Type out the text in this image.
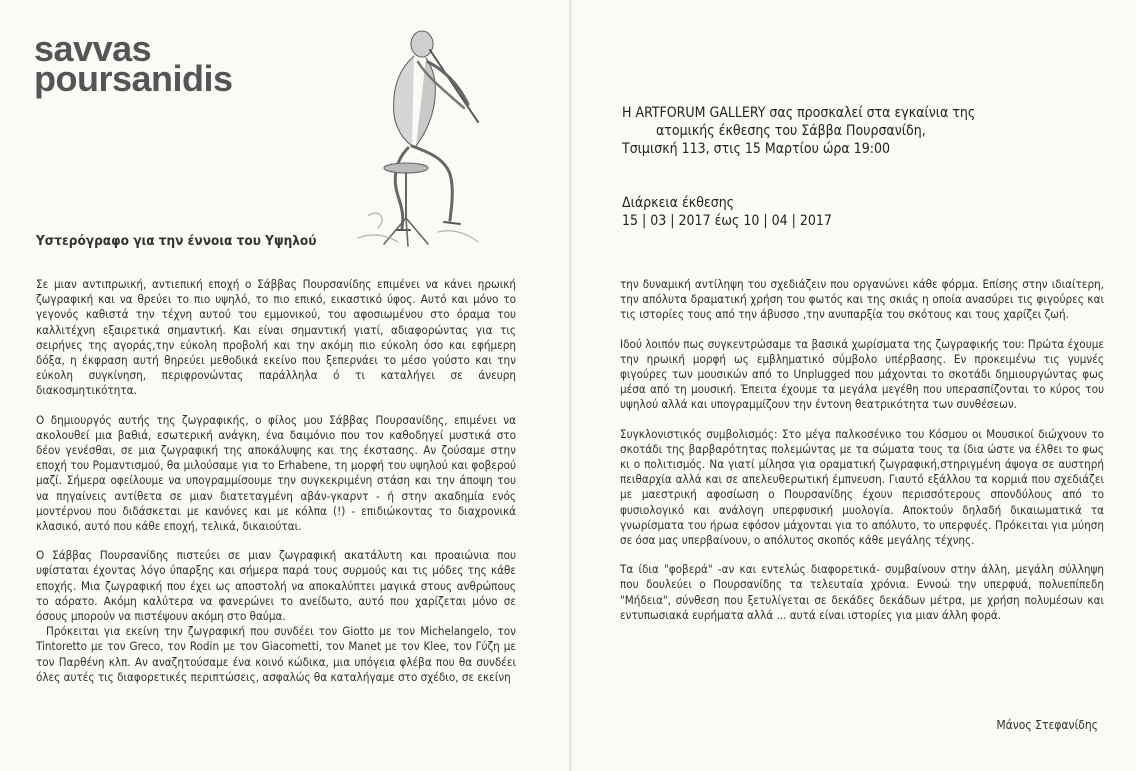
savvas
poursanidis
Υστερόγραφο για την έννοια του Υψηλού

Σε μιαν αντιπρωική, αντιεπική εποχή ο Σάββας Πουρσανίδης επιμένει να κάνει ηρωική ζωγραφική και να θρεύει το πιο υψηλό, το πιο επικό, εικαστικό ύφος. Αυτό και μόνο το γεγονός καθιστά την τέχνη αυτού του εμμονικού, του αφοσιωμένου στο όραμα του καλλιτέχνη εξαιρετικά σημαντική. Και είναι σημαντική γιατί, αδιαφορώντας για τις σειρήνες της αγοράς,την εύκολη προβολή και την ακόμη πιο εύκολη όσο και εφήμερη δόξα, η έκφραση αυτή θηρεύει μεθοδικά εκείνο που ξεπερνάει το μέσο γούστο και την εύκολη συγκίνηση, περιφρονώντας παράλληλα ό τι καταλήγει σε άνευρη διακοσμητικότητα.

Ο δημιουργός αυτής της ζωγραφικής, ο φίλος μου Σάββας Πουρσανίδης, επιμένει να ακολουθεί μια βαθιά, εσωτερική ανάγκη, ένα δαιμόνιο που τον καθοδηγεί μυστικά στο δέον γενέσθαι, σε μια ζωγραφική της αποκάλυψης και της έκστασης. Αν ζούσαμε στην εποχή του Ρομαντισμού, θα μιλούσαμε για το Erhabene, τη μορφή του υψηλού και φοβερού μαζί. Σήμερα οφείλουμε να υπογραμμίσουμε την συγκεκριμένη στάση και την άποψη του να πηγαίνεις αντίθετα σε μιαν διατεταγμένη αβάν-γκαρντ - ή στην ακαδημία ενός μοντέρνου που διδάσκεται με κανόνες και με κόλπα (!) - επιδιώκοντας το διαχρονικά κλασικό, αυτό που κάθε εποχή, τελικά, δικαιούται.

Ο Σάββας Πουρσανίδης πιστεύει σε μιαν ζωγραφική ακατάλυτη και προαιώνια που υφίσταται έχοντας λόγο ύπαρξης και σήμερα παρά τους συρμούς και τις μόδες της κάθε εποχής. Μια ζωγραφική που έχει ως αποστολή να αποκαλύπτει μαγικά στους ανθρώπους το αόρατο. Ακόμη καλύτερα να φανερώνει το ανείδωτο, αυτό που χαρίζεται μόνο σε όσους μπορούν να πιστέψουν ακόμη στο θαύμα.

Πρόκειται για εκείνη την ζωγραφική που συνδέει τον Giotto με τον Michelangelo, τον Tintoretto με τον Greco, τον Rodin με τον Giacometti, τον Manet με τον Klee, τον Γύζη με τον Παρθένη κλπ. Αν αναζητούσαμε ένα κοινό κώδικα, μια υπόγεια φλέβα που θα συνδέει όλες αυτές τις διαφορετικές περιπτώσεις, ασφαλώς θα καταλήγαμε στο σχέδιο, σε εκείνη

Η ARTFORUM GALLERY σας προσκαλεί στα εγκαίνια της
ατομικής έκθεσης του Σάββα Πουρσανίδη,
Τσιμισκή 113, στις 15 Μαρτίου ώρα 19:00
Διάρκεια έκθεσης
15 | 03 | 2017 έως 10 | 04 | 2017

την δυναμική αντίληψη του σχεδιάζειν που οργανώνει κάθε φόρμα. Επίσης στην ιδιαίτερη, την απόλυτα δραματική χρήση του φωτός και της σκιάς η οποία ανασύρει τις φιγούρες και τις ιστορίες τους από την άβυσσο ,την ανυπαρξία του σκότους και τους χαρίζει ζωή.

Ιδού λοιπόν πως συγκεντρώσαμε τα βασικά χωρίσματα της ζωγραφικής του: Πρώτα έχουμε την ηρωική μορφή ως εμβληματικό σύμβολο υπέρβασης. Εν προκειμένω τις γυμνές φιγούρες των μουσικών από το Unplugged που μάχονται το σκοτάδι δημιουργώντας φως μέσα από τη μουσική. Έπειτα έχουμε τα μεγάλα μεγέθη που υπερασπίζονται το κύρος του υψηλού αλλά και υπογραμμίζουν την έντονη θεατρικότητα των συνθέσεων.

Συγκλονιστικός συμβολισμός: Στο μέγα παλκοσένικο του Κόσμου οι Μουσικοί διώχνουν το σκοτάδι της βαρβαρότητας πολεμώντας με τα σώματα τους τα ίδια ώστε να έλθει το φως κι ο πολιτισμός. Να γιατί μίλησα για οραματική ζωγραφική,στηριγμένη άψογα σε αυστηρή πειθαρχία αλλά και σε απελευθερωτική έμπνευση. Γιαυτό εξάλλου τα κορμιά που σχεδιάζει με μαεστρική αφοσίωση ο Πουρσανίδης έχουν περισσότερους σπονδύλους από το φυσιολογικό και ανάλογη υπερφυσική μυολογία. Αποκτούν δηλαδή δικαιωματικά τα γνωρίσματα του ήρωα εφόσον μάχονται για το απόλυτο, το υπερφυές. Πρόκειται για μύηση σε όσα μας υπερβαίνουν, ο απόλυτος σκοπός κάθε μεγάλης τέχνης.

Τα ίδια "φοβερά" -αν και εντελώς διαφορετικά- συμβαίνουν στην άλλη, μεγάλη σύλληψη που δουλεύει ο Πουρσανίδης τα τελευταία χρόνια. Εννοώ την υπερφυά, πολυεπίπεδη "Μήδεια", σύνθεση που ξετυλίγεται σε δεκάδες δεκάδων μέτρα, με χρήση πολυμέσων και εντυπωσιακά ευρήματα αλλά ... αυτά είναι ιστορίες για μιαν άλλη φορά.

Μάνος Στεφανίδης
